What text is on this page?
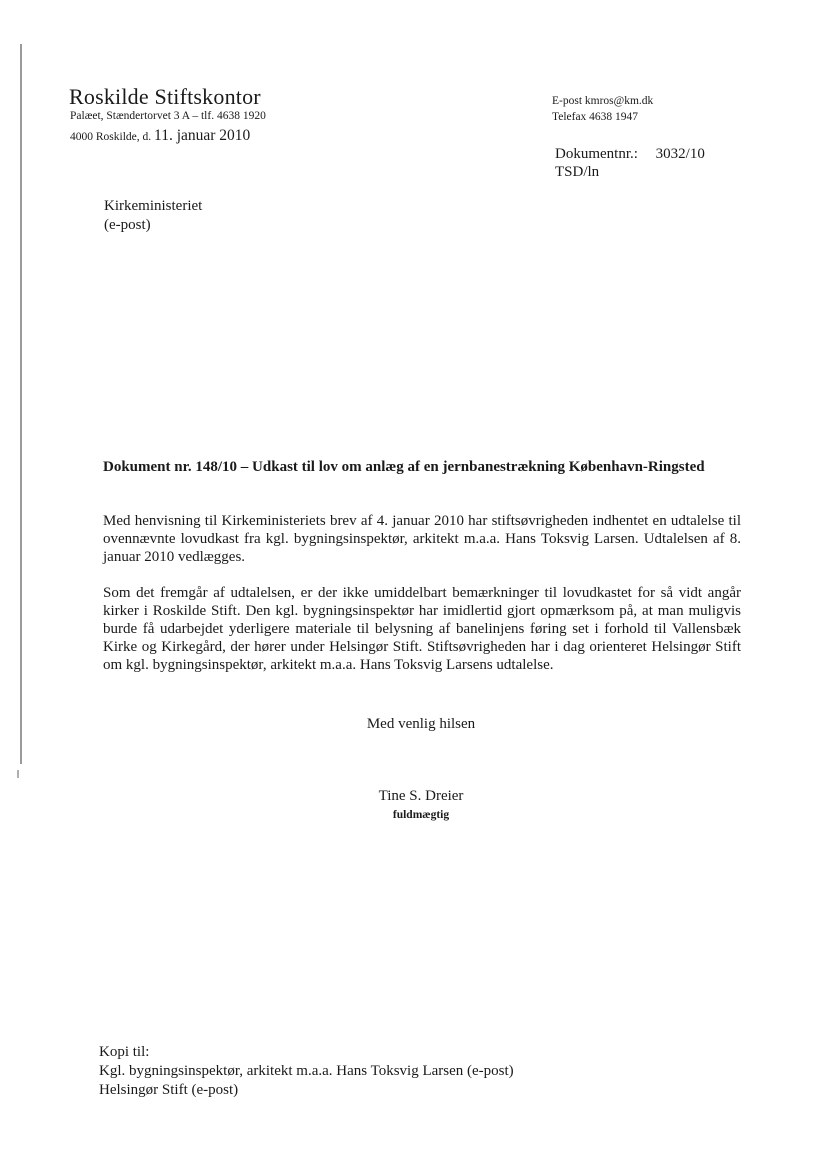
Roskilde Stiftskontor
Palæet, Stændertorvet 3 A – tlf. 4638 1920
4000 Roskilde, d. 11. januar 2010
E-post kmros@km.dk
Telefax 4638 1947
Dokumentnr.: 3032/10
TSD/ln
Kirkeministeriet
(e-post)
Dokument nr. 148/10 – Udkast til lov om anlæg af en jernbanestrækning København-Ringsted
Med henvisning til Kirkeministeriets brev af 4. januar 2010 har stiftsøvrigheden indhentet en udtalelse til ovennævnte lovudkast fra kgl. bygningsinspektør, arkitekt m.a.a. Hans Toksvig Larsen. Udtalelsen af 8. januar 2010 vedlægges.
Som det fremgår af udtalelsen, er der ikke umiddelbart bemærkninger til lovudkastet for så vidt angår kirker i Roskilde Stift. Den kgl. bygningsinspektør har imidlertid gjort opmærksom på, at man muligvis burde få udarbejdet yderligere materiale til belysning af banelinjens føring set i forhold til Vallensbæk Kirke og Kirkegård, der hører under Helsingør Stift. Stiftsøvrigheden har i dag orienteret Helsingør Stift om kgl. bygningsinspektør, arkitekt m.a.a. Hans Toksvig Larsens udtalelse.
Med venlig hilsen
Tine S. Dreier
fuldmægtig
Kopi til:
Kgl. bygningsinspektør, arkitekt m.a.a. Hans Toksvig Larsen (e-post)
Helsingør Stift (e-post)
